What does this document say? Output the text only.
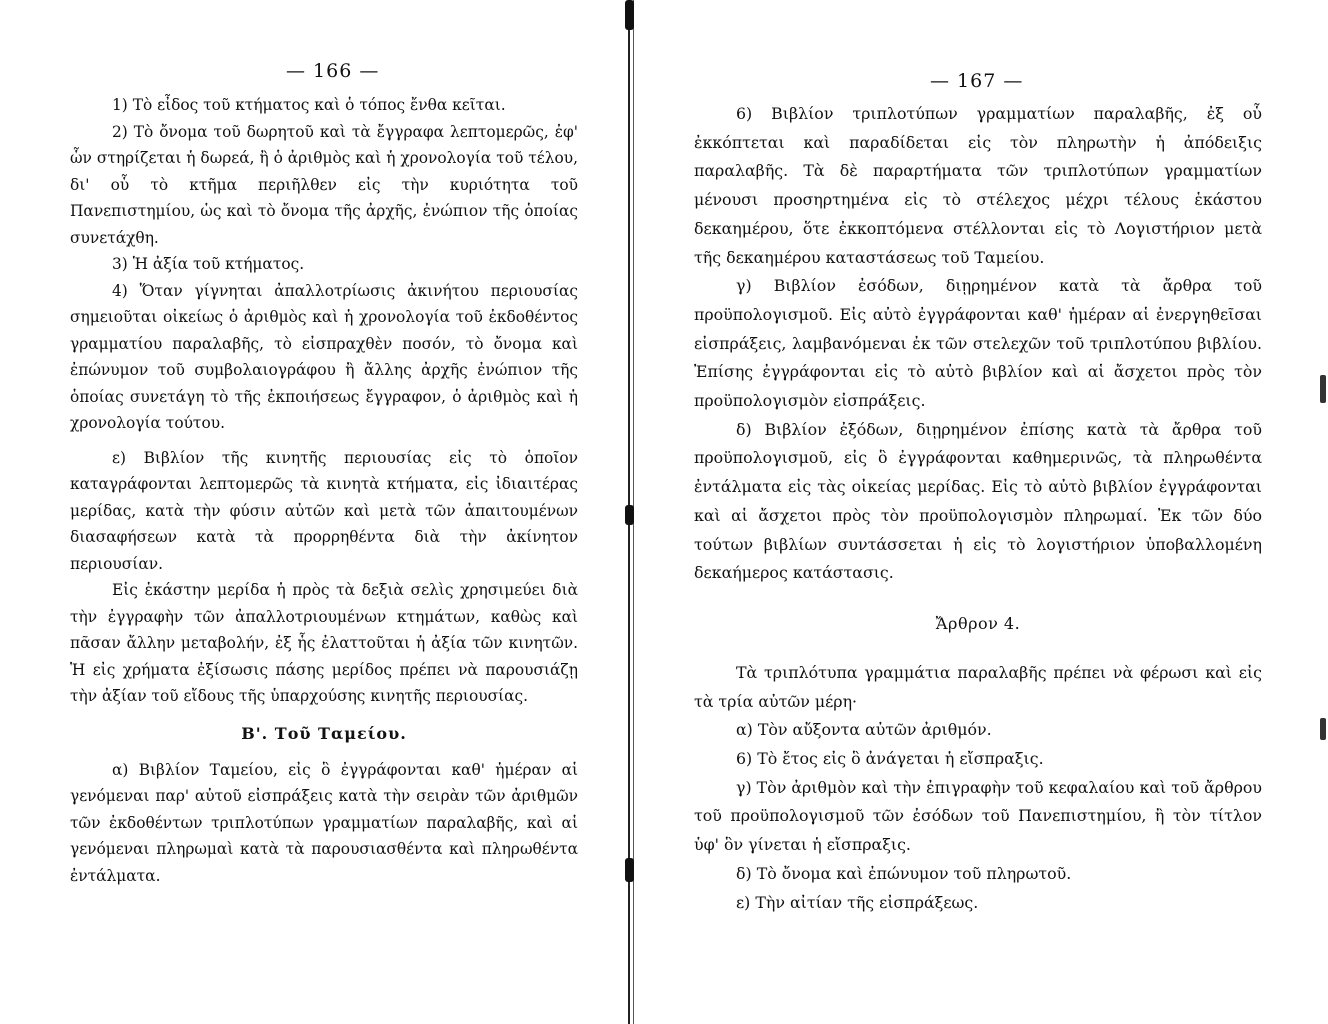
— 166 —

1) Τὸ εἶδος τοῦ κτήματος καὶ ὁ τόπος ἔνθα κεῖται.

2) Τὸ ὄνομα τοῦ δωρητοῦ καὶ τὰ ἔγγραφα λεπτομερῶς, ἐφ' ὧν στηρίζεται ἡ δωρεά, ἢ ὁ ἀριθμὸς καὶ ἡ χρονολογία τοῦ τέλου, δι' οὗ τὸ κτῆμα περιῆλθεν εἰς τὴν κυριότητα τοῦ Πανεπιστημίου, ὡς καὶ τὸ ὄνομα τῆς ἀρχῆς, ἐνώπιον τῆς ὁποίας συνετάχθη.

3) Ἡ ἀξία τοῦ κτήματος.

4) Ὅταν γίγνηται ἀπαλλοτρίωσις ἀκινήτου περιουσίας σημειοῦται οἰκείως ὁ ἀριθμὸς καὶ ἡ χρονολογία τοῦ ἐκδοθέντος γραμματίου παραλαβῆς, τὸ εἰσπραχθὲν ποσόν, τὸ ὄνομα καὶ ἐπώνυμον τοῦ συμβολαιογράφου ἢ ἄλλης ἀρχῆς ἐνώπιον τῆς ὁποίας συνετάγη τὸ τῆς ἐκποιήσεως ἔγγραφον, ὁ ἀριθμὸς καὶ ἡ χρονολογία τούτου.

ε) Βιβλίον τῆς κινητῆς περιουσίας εἰς τὸ ὁποῖον καταγράφονται λεπτομερῶς τὰ κινητὰ κτήματα, εἰς ἰδιαιτέρας μερίδας, κατὰ τὴν φύσιν αὐτῶν καὶ μετὰ τῶν ἀπαιτουμένων διασαφήσεων κατὰ τὰ προρρηθέντα διὰ τὴν ἀκίνητον περιουσίαν.

Εἰς ἑκάστην μερίδα ἡ πρὸς τὰ δεξιὰ σελὶς χρησιμεύει διὰ τὴν ἐγγραφὴν τῶν ἀπαλλοτριουμένων κτημάτων, καθὼς καὶ πᾶσαν ἄλλην μεταβολήν, ἐξ ἧς ἐλαττοῦται ἡ ἀξία τῶν κινητῶν. Ἡ εἰς χρήματα ἐξίσωσις πάσης μερίδος πρέπει νὰ παρουσιάζῃ τὴν ἀξίαν τοῦ εἴδους τῆς ὑπαρχούσης κινητῆς περιουσίας.

Β'. Τοῦ Ταμείου.

α) Βιβλίον Ταμείου, εἰς ὃ ἐγγράφονται καθ' ἡμέραν αἱ γενόμεναι παρ' αὐτοῦ εἰσπράξεις κατὰ τὴν σειρὰν τῶν ἀριθμῶν τῶν ἐκδοθέντων τριπλοτύπων γραμματίων παραλαβῆς, καὶ αἱ γενόμεναι πληρωμαὶ κατὰ τὰ παρουσιασθέντα καὶ πληρωθέντα ἐντάλματα.

— 167 —

6) Βιβλίον τριπλοτύπων γραμματίων παραλαβῆς, ἐξ οὗ ἐκκόπτεται καὶ παραδίδεται εἰς τὸν πληρωτὴν ἡ ἀπόδειξις παραλαβῆς. Τὰ δὲ παραρτήματα τῶν τριπλοτύπων γραμματίων μένουσι προσηρτημένα εἰς τὸ στέλεχος μέχρι τέλους ἑκάστου δεκαημέρου, ὅτε ἐκκοπτόμενα στέλλονται εἰς τὸ Λογιστήριον μετὰ τῆς δεκαημέρου καταστάσεως τοῦ Ταμείου.

γ) Βιβλίον ἐσόδων, διῃρημένον κατὰ τὰ ἄρθρα τοῦ προϋπολογισμοῦ. Εἰς αὐτὸ ἐγγράφονται καθ' ἡμέραν αἱ ἐνεργηθεῖσαι εἰσπράξεις, λαμβανόμεναι ἐκ τῶν στελεχῶν τοῦ τριπλοτύπου βιβλίου. Ἐπίσης ἐγγράφονται εἰς τὸ αὐτὸ βιβλίον καὶ αἱ ἄσχετοι πρὸς τὸν προϋπολογισμὸν εἰσπράξεις.

δ) Βιβλίον ἐξόδων, διῃρημένον ἐπίσης κατὰ τὰ ἄρθρα τοῦ προϋπολογισμοῦ, εἰς ὃ ἐγγράφονται καθημερινῶς, τὰ πληρωθέντα ἐντάλματα εἰς τὰς οἰκείας μερίδας. Εἰς τὸ αὐτὸ βιβλίον ἐγγράφονται καὶ αἱ ἄσχετοι πρὸς τὸν προϋπολογισμὸν πληρωμαί. Ἐκ τῶν δύο τούτων βιβλίων συντάσσεται ἡ εἰς τὸ λογιστήριον ὑποβαλλομένη δεκαήμερος κατάστασις.

Ἄρθρον 4.

Τὰ τριπλότυπα γραμμάτια παραλαβῆς πρέπει νὰ φέρωσι καὶ εἰς τὰ τρία αὐτῶν μέρη·

α) Τὸν αὔξοντα αὐτῶν ἀριθμόν.

6) Τὸ ἔτος εἰς ὃ ἀνάγεται ἡ εἴσπραξις.

γ) Τὸν ἀριθμὸν καὶ τὴν ἐπιγραφὴν τοῦ κεφαλαίου καὶ τοῦ ἄρθρου τοῦ προϋπολογισμοῦ τῶν ἐσόδων τοῦ Πανεπιστημίου, ἢ τὸν τίτλον ὑφ' ὃν γίνεται ἡ εἴσπραξις.

δ) Τὸ ὄνομα καὶ ἐπώνυμον τοῦ πληρωτοῦ.

ε) Τὴν αἰτίαν τῆς εἰσπράξεως.
